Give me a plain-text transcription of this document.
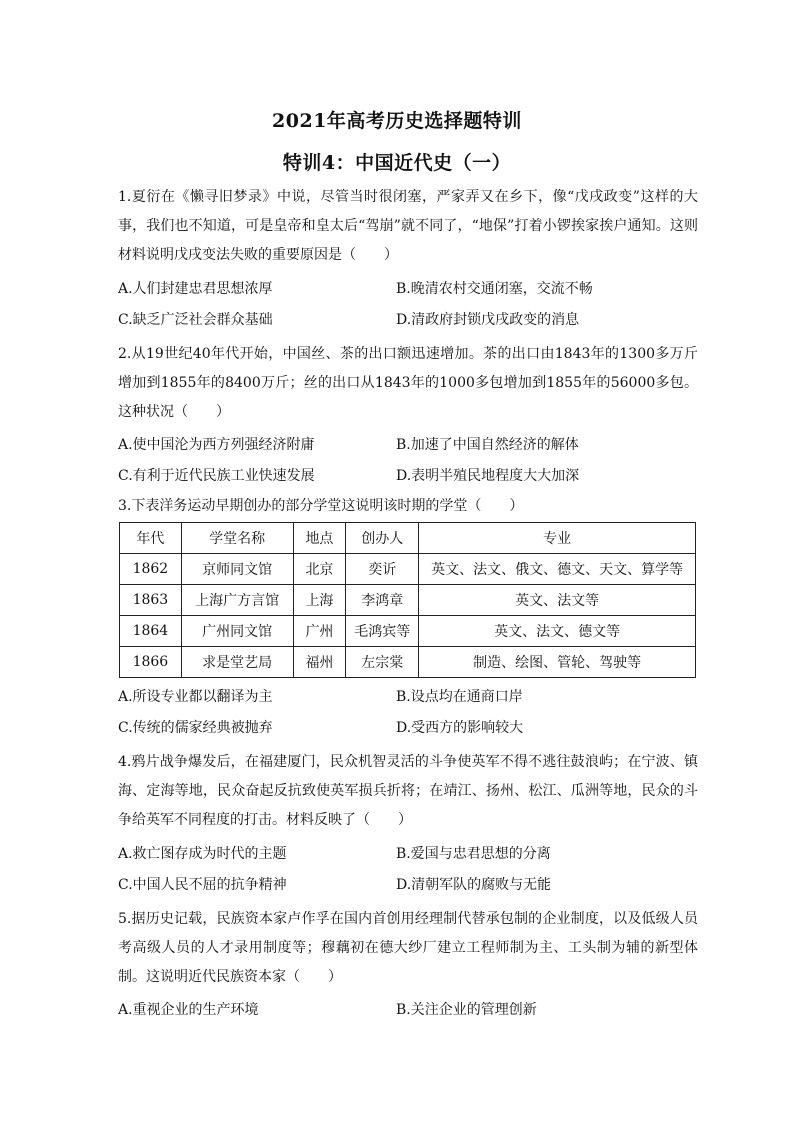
2021年高考历史选择题特训
特训4：中国近代史（一）

1.夏衍在《懒寻旧梦录》中说，尽管当时很闭塞，严家弄又在乡下，像“戊戌政变”这样的大事，我们也不知道，可是皇帝和皇太后“驾崩”就不同了，“地保”打着小锣挨家挨户通知。这则材料说明戊戌变法失败的重要原因是（　　）

A.人们封建忠君思想浓厚	B.晚清农村交通闭塞，交流不畅
C.缺乏广泛社会群众基础	D.清政府封锁戊戌政变的消息

2.从19世纪40年代开始，中国丝、茶的出口额迅速增加。茶的出口由1843年的1300多万斤增加到1855年的8400万斤；丝的出口从1843年的1000多包增加到1855年的56000多包。这种状况（　　）

A.使中国沦为西方列强经济附庸	B.加速了中国自然经济的解体
C.有利于近代民族工业快速发展	D.表明半殖民地程度大大加深

3.下表洋务运动早期创办的部分学堂这说明该时期的学堂（　　）

年代	学堂名称	地点	创办人	专业
1862	京师同文馆	北京	奕䜣	英文、法文、俄文、德文、天文、算学等
1863	上海广方言馆	上海	李鸿章	英文、法文等
1864	广州同文馆	广州	毛鸿宾等	英文、法文、德文等
1866	求是堂艺局	福州	左宗棠	制造、绘图、管轮、驾驶等
A.所设专业都以翻译为主	B.设点均在通商口岸
C.传统的儒家经典被抛弃	D.受西方的影响较大

4.鸦片战争爆发后，在福建厦门，民众机智灵活的斗争使英军不得不逃往鼓浪屿；在宁波、镇海、定海等地，民众奋起反抗致使英军损兵折将；在靖江、扬州、松江、瓜洲等地，民众的斗争给英军不同程度的打击。材料反映了（　　）

A.救亡图存成为时代的主题	B.爱国与忠君思想的分离
C.中国人民不屈的抗争精神	D.清朝军队的腐败与无能

5.据历史记载，民族资本家卢作孚在国内首创用经理制代替承包制的企业制度，以及低级人员考高级人员的人才录用制度等；穆藕初在德大纱厂建立工程师制为主、工头制为辅的新型体制。这说明近代民族资本家（　　）

A.重视企业的生产环境	B.关注企业的管理创新
